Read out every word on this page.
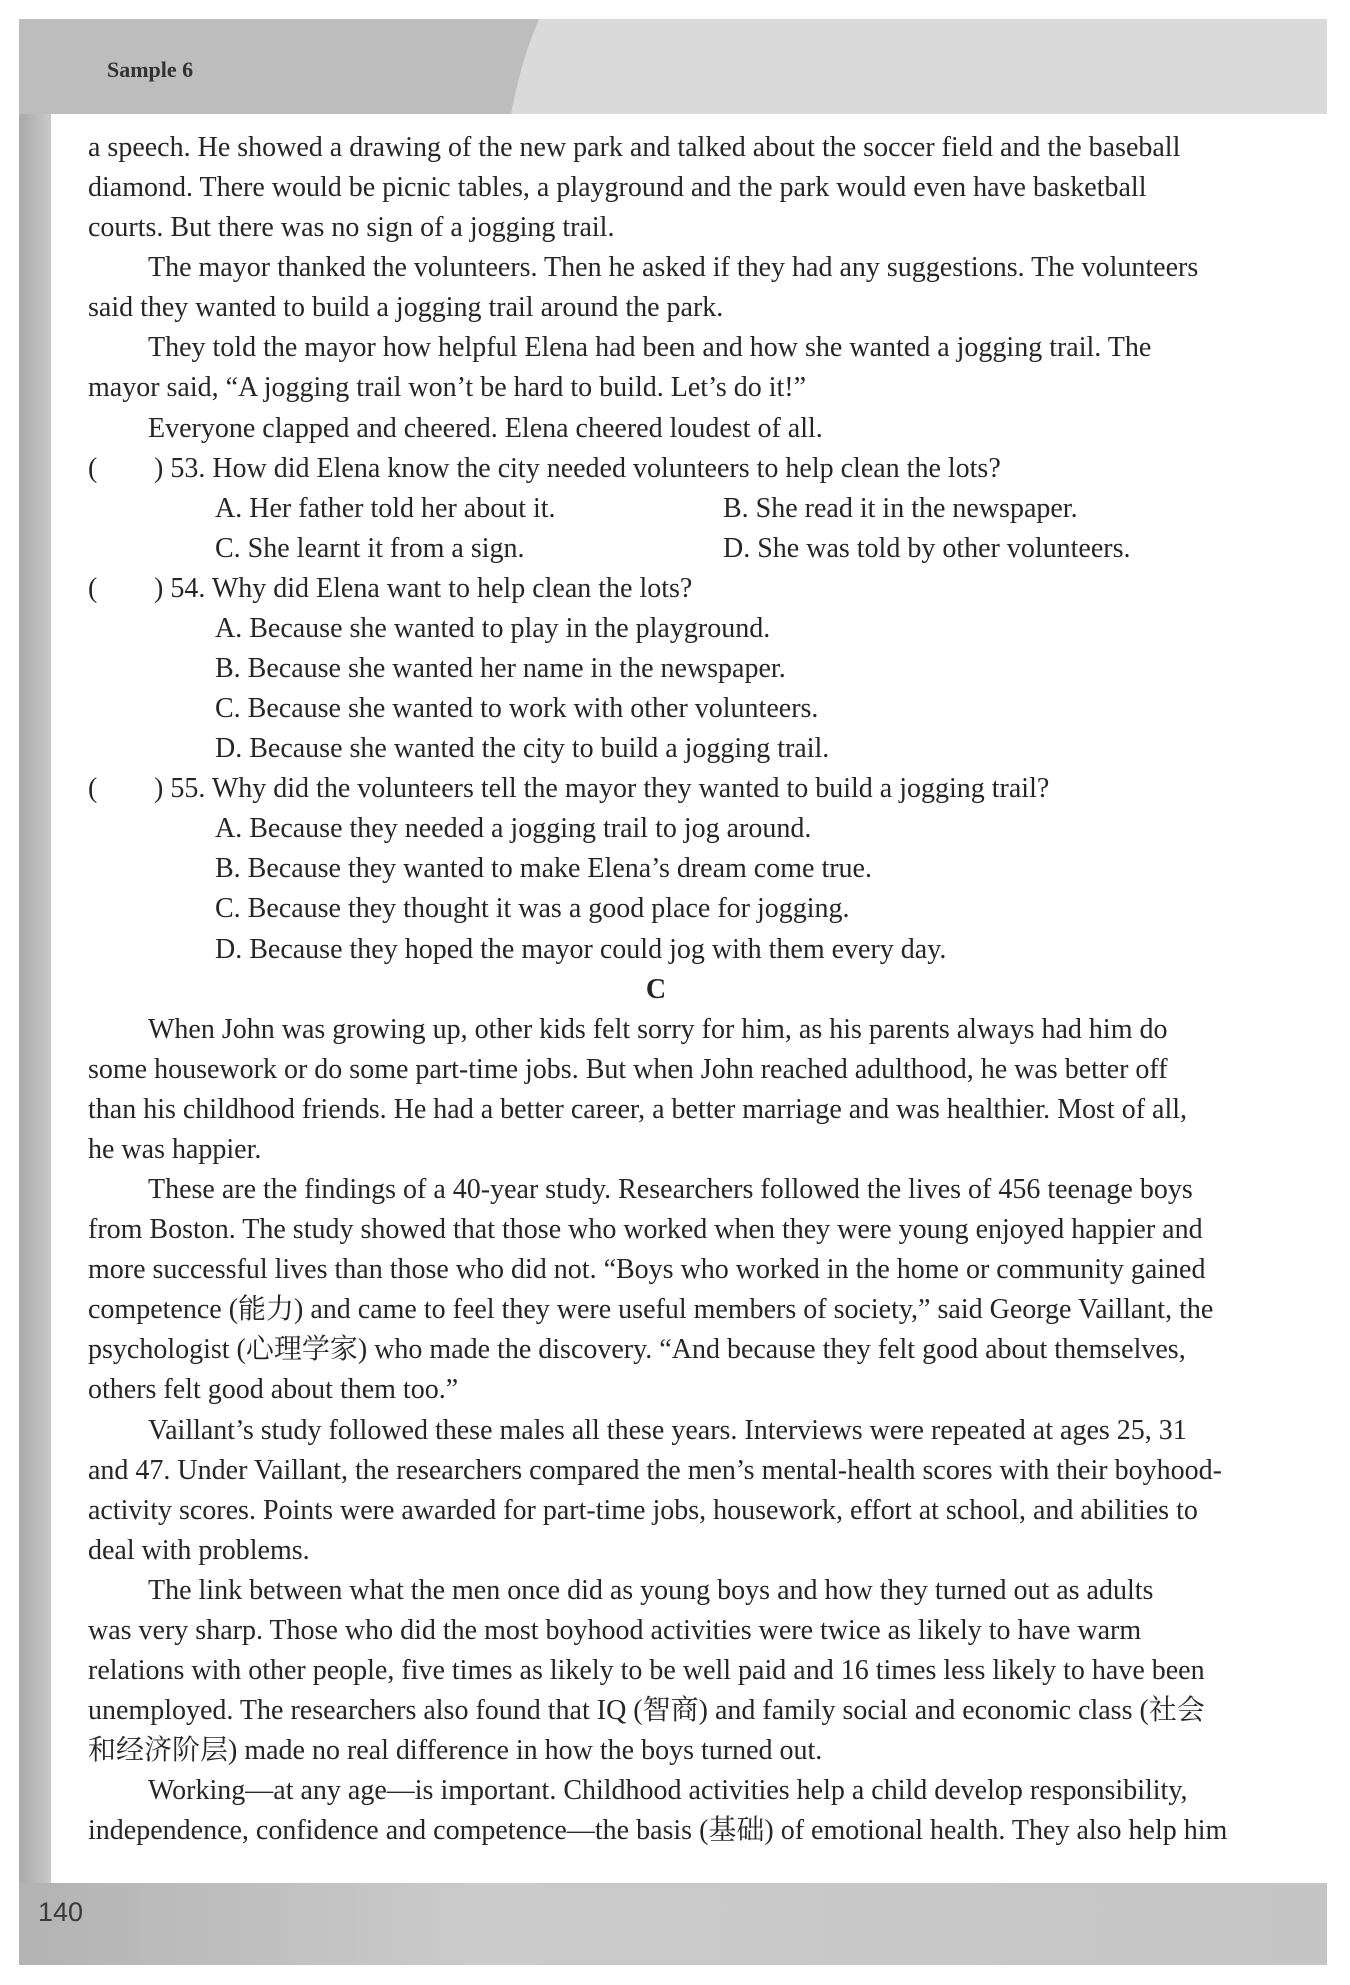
Sample 6
140
a speech. He showed a drawing of the new park and talked about the soccer field and the baseball
diamond. There would be picnic tables, a playground and the park would even have basketball
courts. But there was no sign of a jogging trail.
The mayor thanked the volunteers. Then he asked if they had any suggestions. The volunteers
said they wanted to build a jogging trail around the park.
They told the mayor how helpful Elena had been and how she wanted a jogging trail. The
mayor said, “A jogging trail won’t be hard to build. Let’s do it!”
Everyone clapped and cheered. Elena cheered loudest of all.
( ) 53. How did Elena know the city needed volunteers to help clean the lots?
A. Her father told her about it.	B. She read it in the newspaper.
C. She learnt it from a sign.	D. She was told by other volunteers.
( ) 54. Why did Elena want to help clean the lots?
A. Because she wanted to play in the playground.
B. Because she wanted her name in the newspaper.
C. Because she wanted to work with other volunteers.
D. Because she wanted the city to build a jogging trail.
( ) 55. Why did the volunteers tell the mayor they wanted to build a jogging trail?
A. Because they needed a jogging trail to jog around.
B. Because they wanted to make Elena’s dream come true.
C. Because they thought it was a good place for jogging.
D. Because they hoped the mayor could jog with them every day.
C
When John was growing up, other kids felt sorry for him, as his parents always had him do
some housework or do some part-time jobs. But when John reached adulthood, he was better off
than his childhood friends. He had a better career, a better marriage and was healthier. Most of all,
he was happier.
These are the findings of a 40-year study. Researchers followed the lives of 456 teenage boys
from Boston. The study showed that those who worked when they were young enjoyed happier and
more successful lives than those who did not. “Boys who worked in the home or community gained
competence (能力) and came to feel they were useful members of society,” said George Vaillant, the
psychologist (心理学家) who made the discovery. “And because they felt good about themselves,
others felt good about them too.”
Vaillant’s study followed these males all these years. Interviews were repeated at ages 25, 31
and 47. Under Vaillant, the researchers compared the men’s mental-health scores with their boyhood-
activity scores. Points were awarded for part-time jobs, housework, effort at school, and abilities to
deal with problems.
The link between what the men once did as young boys and how they turned out as adults
was very sharp. Those who did the most boyhood activities were twice as likely to have warm
relations with other people, five times as likely to be well paid and 16 times less likely to have been
unemployed. The researchers also found that IQ (智商) and family social and economic class (社会
和经济阶层) made no real difference in how the boys turned out.
Working—at any age—is important. Childhood activities help a child develop responsibility,
independence, confidence and competence—the basis (基础) of emotional health. They also help him
